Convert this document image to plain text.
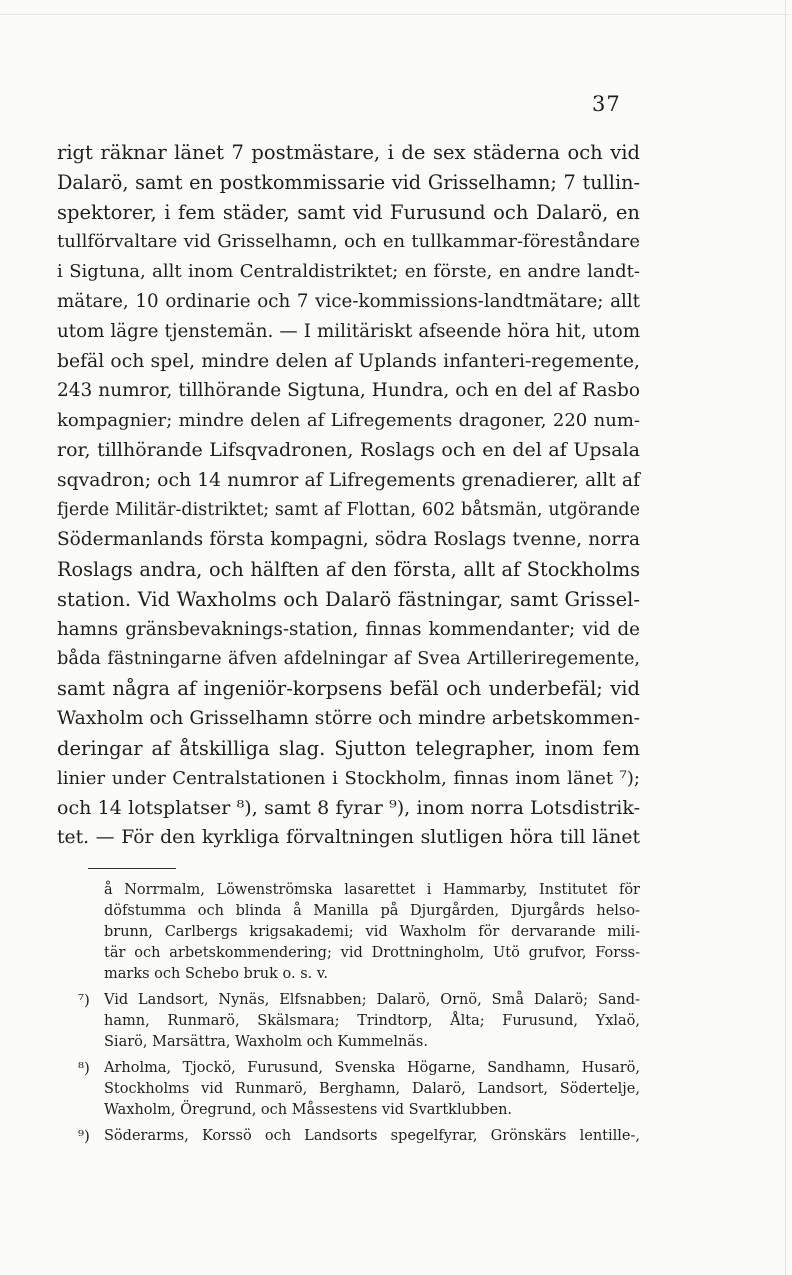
37
rigt räknar länet 7 postmästare, i de sex städerna och vid
Dalarö, samt en postkommissarie vid Grisselhamn; 7 tullin-
spektorer, i fem städer, samt vid Furusund och Dalarö, en
tullförvaltare vid Grisselhamn, och en tullkammar-föreståndare
i Sigtuna, allt inom Centraldistriktet; en förste, en andre landt-
mätare, 10 ordinarie och 7 vice-kommissions-landtmätare; allt
utom lägre tjenstemän. — I militäriskt afseende höra hit, utom
befäl och spel, mindre delen af Uplands infanteri-regemente,
243 numror, tillhörande Sigtuna, Hundra, och en del af Rasbo
kompagnier; mindre delen af Lifregements dragoner, 220 num-
ror, tillhörande Lifsqvadronen, Roslags och en del af Upsala
sqvadron; och 14 numror af Lifregements grenadierer, allt af
fjerde Militär-distriktet; samt af Flottan, 602 båtsmän, utgörande
Södermanlands första kompagni, södra Roslags tvenne, norra
Roslags andra, och hälften af den första, allt af Stockholms
station. Vid Waxholms och Dalarö fästningar, samt Grissel-
hamns gränsbevaknings-station, finnas kommendanter; vid de
båda fästningarne äfven afdelningar af Svea Artilleriregemente,
samt några af ingeniör-korpsens befäl och underbefäl; vid
Waxholm och Grisselhamn större och mindre arbetskommen-
deringar af åtskilliga slag. Sjutton telegrapher, inom fem
linier under Centralstationen i Stockholm, finnas inom länet ⁷);
och 14 lotsplatser ⁸), samt 8 fyrar ⁹), inom norra Lotsdistrik-
tet. — För den kyrkliga förvaltningen slutligen höra till länet
å Norrmalm, Löwenströmska lasarettet i Hammarby, Institutet för
döfstumma och blinda å Manilla på Djurgården, Djurgårds helso-
brunn, Carlbergs krigsakademi; vid Waxholm för dervarande mili-
tär och arbetskommendering; vid Drottningholm, Utö grufvor, Forss-
marks och Schebo bruk o. s. v.
⁷) Vid Landsort, Nynäs, Elfsnabben; Dalarö, Ornö, Små Dalarö; Sand-
hamn, Runmarö, Skälsmara; Trindtorp, Ålta; Furusund, Yxlaö,
Siarö, Marsättra, Waxholm och Kummelnäs.
⁸) Arholma, Tjockö, Furusund, Svenska Högarne, Sandhamn, Husarö,
Stockholms vid Runmarö, Berghamn, Dalarö, Landsort, Södertelje,
Waxholm, Öregrund, och Måssestens vid Svartklubben.
⁹) Söderarms, Korssö och Landsorts spegelfyrar, Grönskärs lentille-,
